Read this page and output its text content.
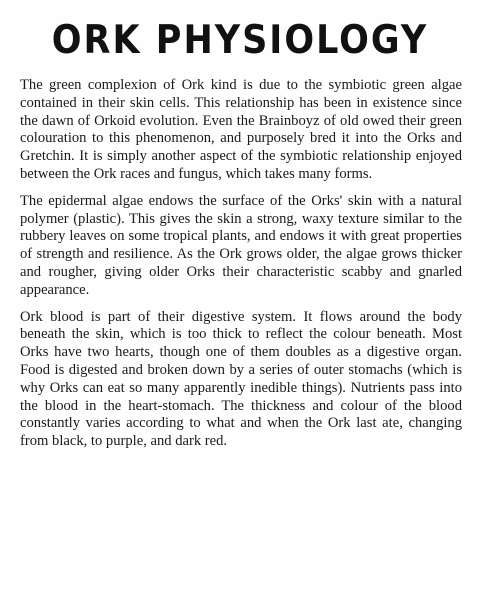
ORK PHYSIOLOGY

The green complexion of Ork kind is due to the symbiotic green algae contained in their skin cells. This relationship has been in existence since the dawn of Orkoid evolution. Even the Brainboyz of old owed their green colouration to this phenomenon, and purposely bred it into the Orks and Gretchin. It is simply another aspect of the symbiotic relationship enjoyed between the Ork races and fungus, which takes many forms.

The epidermal algae endows the surface of the Orks' skin with a natural polymer (plastic). This gives the skin a strong, waxy texture similar to the rubbery leaves on some tropical plants, and endows it with great properties of strength and resilience. As the Ork grows older, the algae grows thicker and rougher, giving older Orks their characteristic scabby and gnarled appearance.

Ork blood is part of their digestive system. It flows around the body beneath the skin, which is too thick to reflect the colour beneath. Most Orks have two hearts, though one of them doubles as a digestive organ. Food is digested and broken down by a series of outer stomachs (which is why Orks can eat so many apparently inedible things). Nutrients pass into the blood in the heart-stomach. The thickness and colour of the blood constantly varies according to what and when the Ork last ate, changing from black, to purple, and dark red.
